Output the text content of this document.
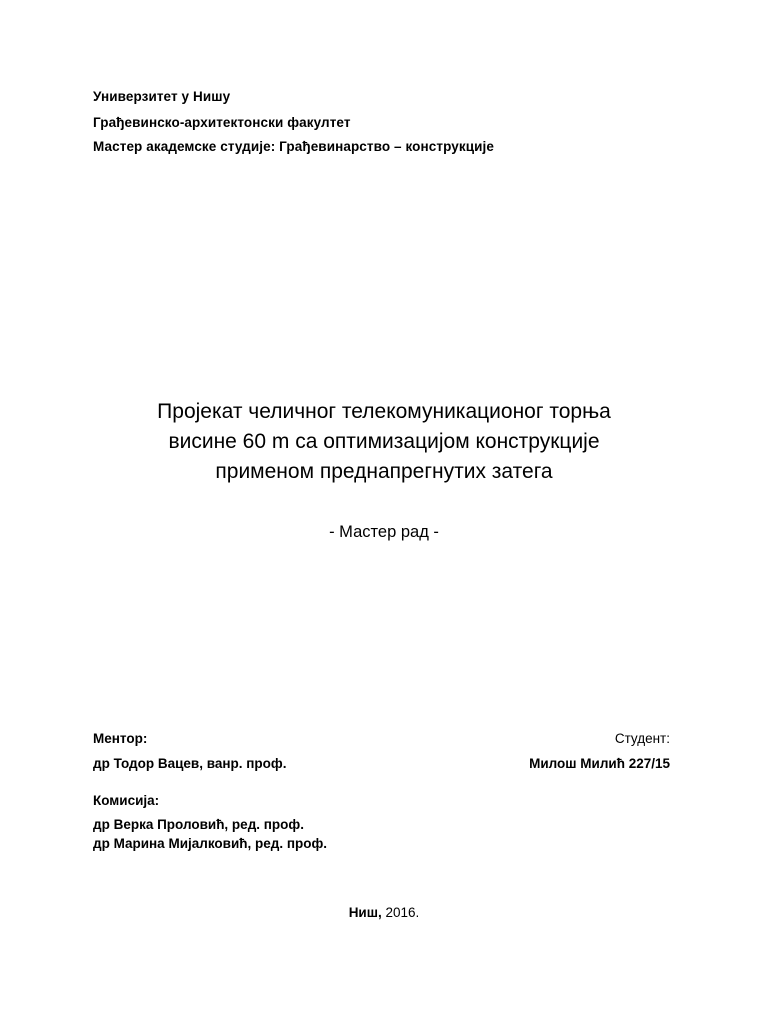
Универзитет у Нишу
Грађевинско-архитектонски факултет
Мастер академске студије: Грађевинарство – конструкције
Пројекат челичног телекомуникационог торња
висине 60 m са оптимизацијом конструкције
применом преднапрегнутих затега
- Мастер рад -
Ментор:
др Тодор Вацев, ванр. проф.
Студент:
Милош Милић 227/15
Комисија:
др Верка Проловић, ред. проф.
др Марина Мијалковић, ред. проф.
Ниш, 2016.
